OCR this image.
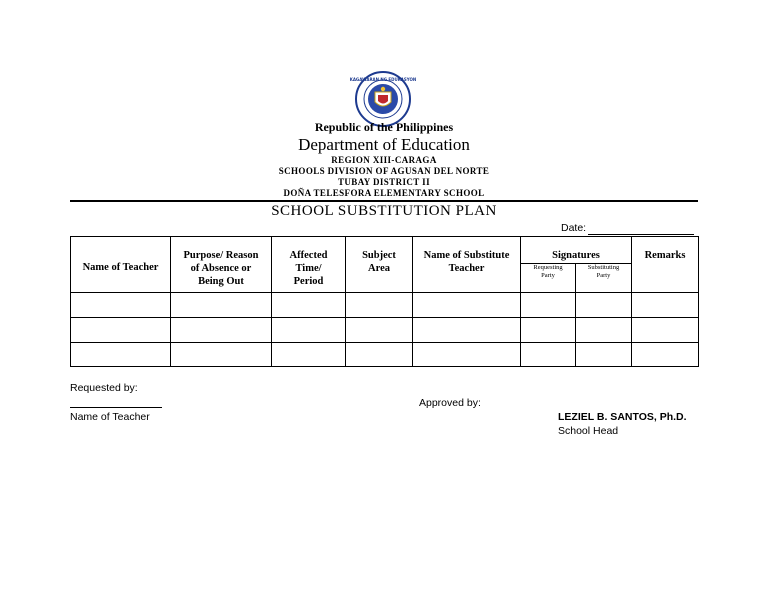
KAGAWARAN NG EDUKASYON
Republic of the Philippines
Department of Education
REGION XIII-CARAGA
SCHOOLS DIVISION OF AGUSAN DEL NORTE
TUBAY DISTRICT II
DOÑA TELESFORA ELEMENTARY SCHOOL
SCHOOL SUBSTITUTION PLAN
Date:
Name of Teacher
Purpose/ Reason
of Absence or
Being Out
Affected
Time/
Period
Subject
Area
Name of Substitute
Teacher
Signatures
Requesting
Party
Substituting
Party
Remarks
Requested by:
Name of Teacher
Approved by:
LEZIEL B. SANTOS, Ph.D.
School Head
